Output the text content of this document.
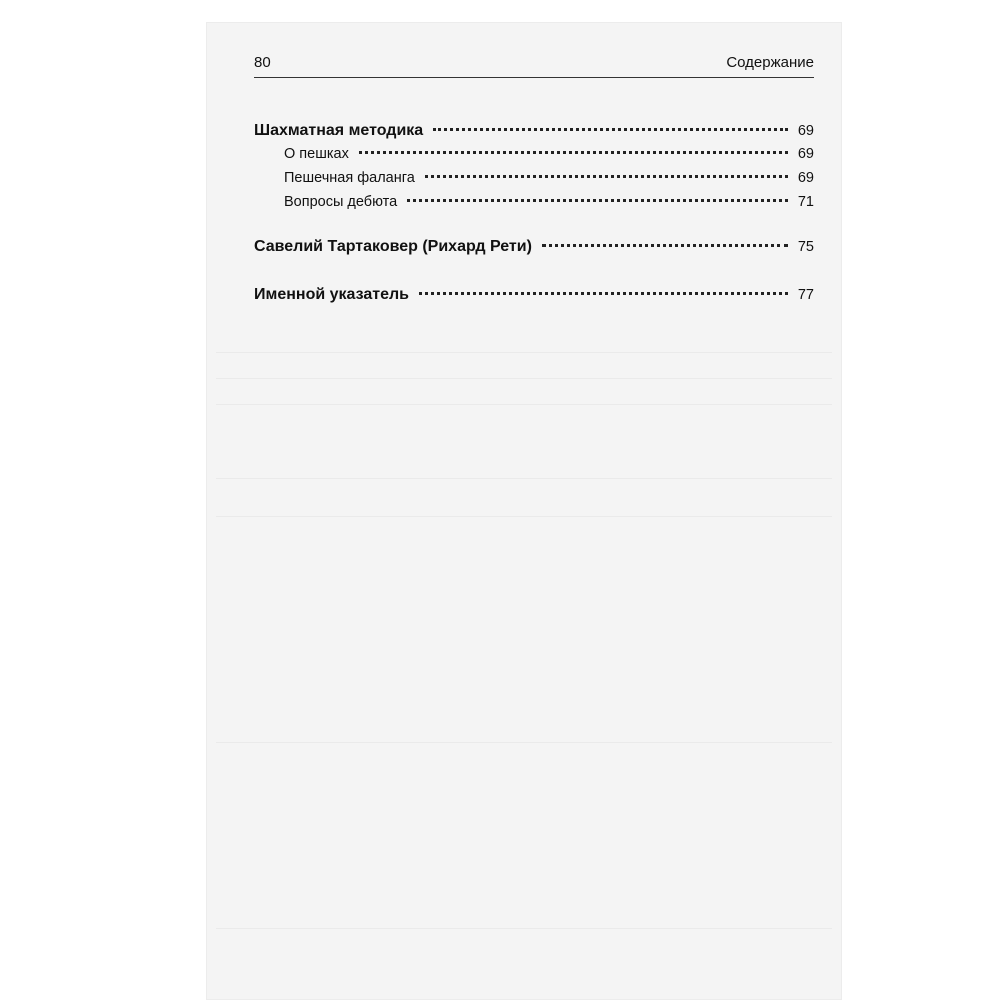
80	Содержание
Шахматная методика	69
О пешках	69
Пешечная фаланга	69
Вопросы дебюта	71
Савелий Тартаковер (Рихард Рети)	75
Именной указатель	77
